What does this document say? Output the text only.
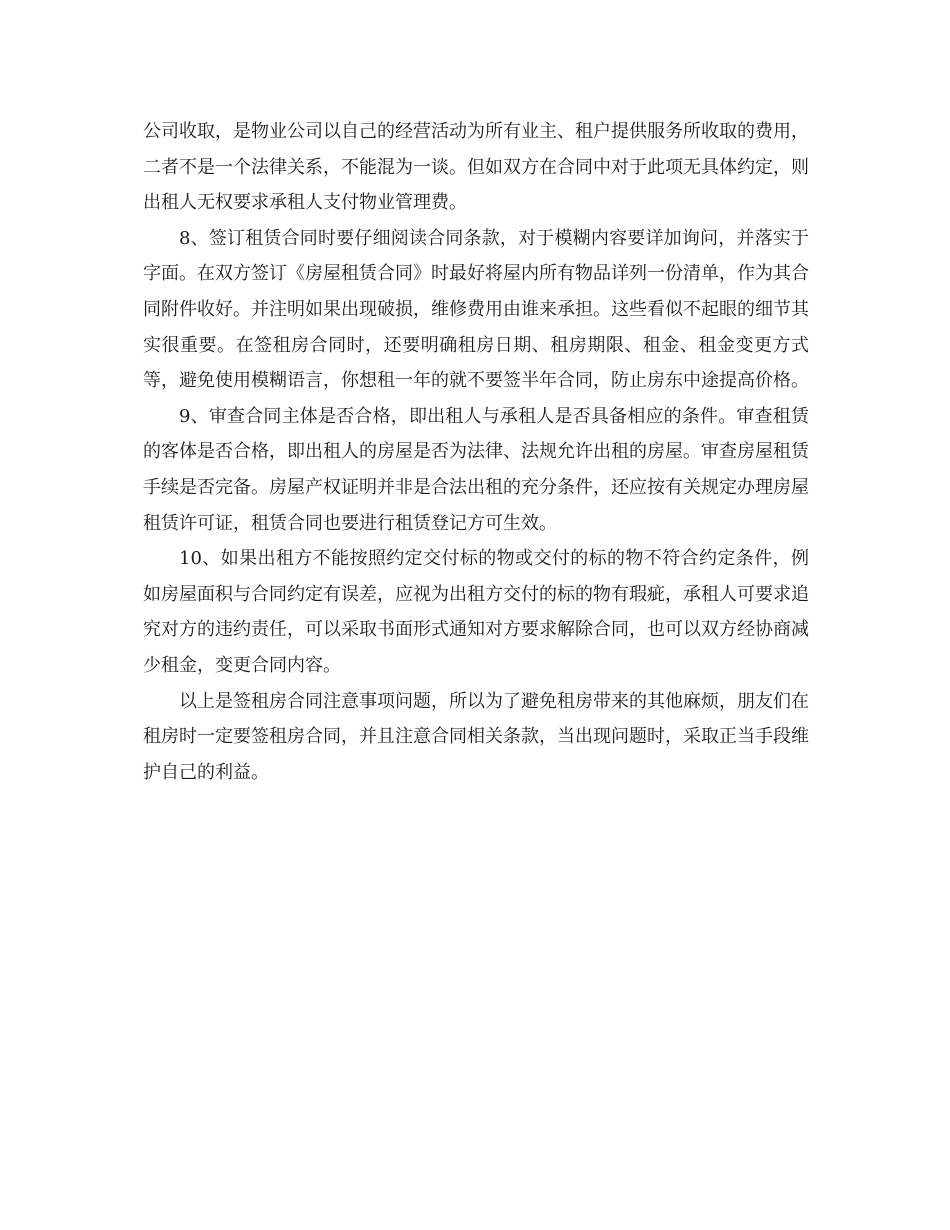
公司收取，是物业公司以自己的经营活动为所有业主、租户提供服务所收取的费用，二者不是一个法律关系，不能混为一谈。但如双方在合同中对于此项无具体约定，则出租人无权要求承租人支付物业管理费。

8、签订租赁合同时要仔细阅读合同条款，对于模糊内容要详加询问，并落实于字面。在双方签订《房屋租赁合同》时最好将屋内所有物品详列一份清单，作为其合同附件收好。并注明如果出现破损，维修费用由谁来承担。这些看似不起眼的细节其实很重要。在签租房合同时，还要明确租房日期、租房期限、租金、租金变更方式等，避免使用模糊语言，你想租一年的就不要签半年合同，防止房东中途提高价格。

9、审查合同主体是否合格，即出租人与承租人是否具备相应的条件。审查租赁的客体是否合格，即出租人的房屋是否为法律、法规允许出租的房屋。审查房屋租赁手续是否完备。房屋产权证明并非是合法出租的充分条件，还应按有关规定办理房屋租赁许可证，租赁合同也要进行租赁登记方可生效。

10、如果出租方不能按照约定交付标的物或交付的标的物不符合约定条件，例如房屋面积与合同约定有误差，应视为出租方交付的标的物有瑕疵，承租人可要求追究对方的违约责任，可以采取书面形式通知对方要求解除合同，也可以双方经协商减少租金，变更合同内容。

以上是签租房合同注意事项问题，所以为了避免租房带来的其他麻烦，朋友们在租房时一定要签租房合同，并且注意合同相关条款，当出现问题时，采取正当手段维护自己的利益。
